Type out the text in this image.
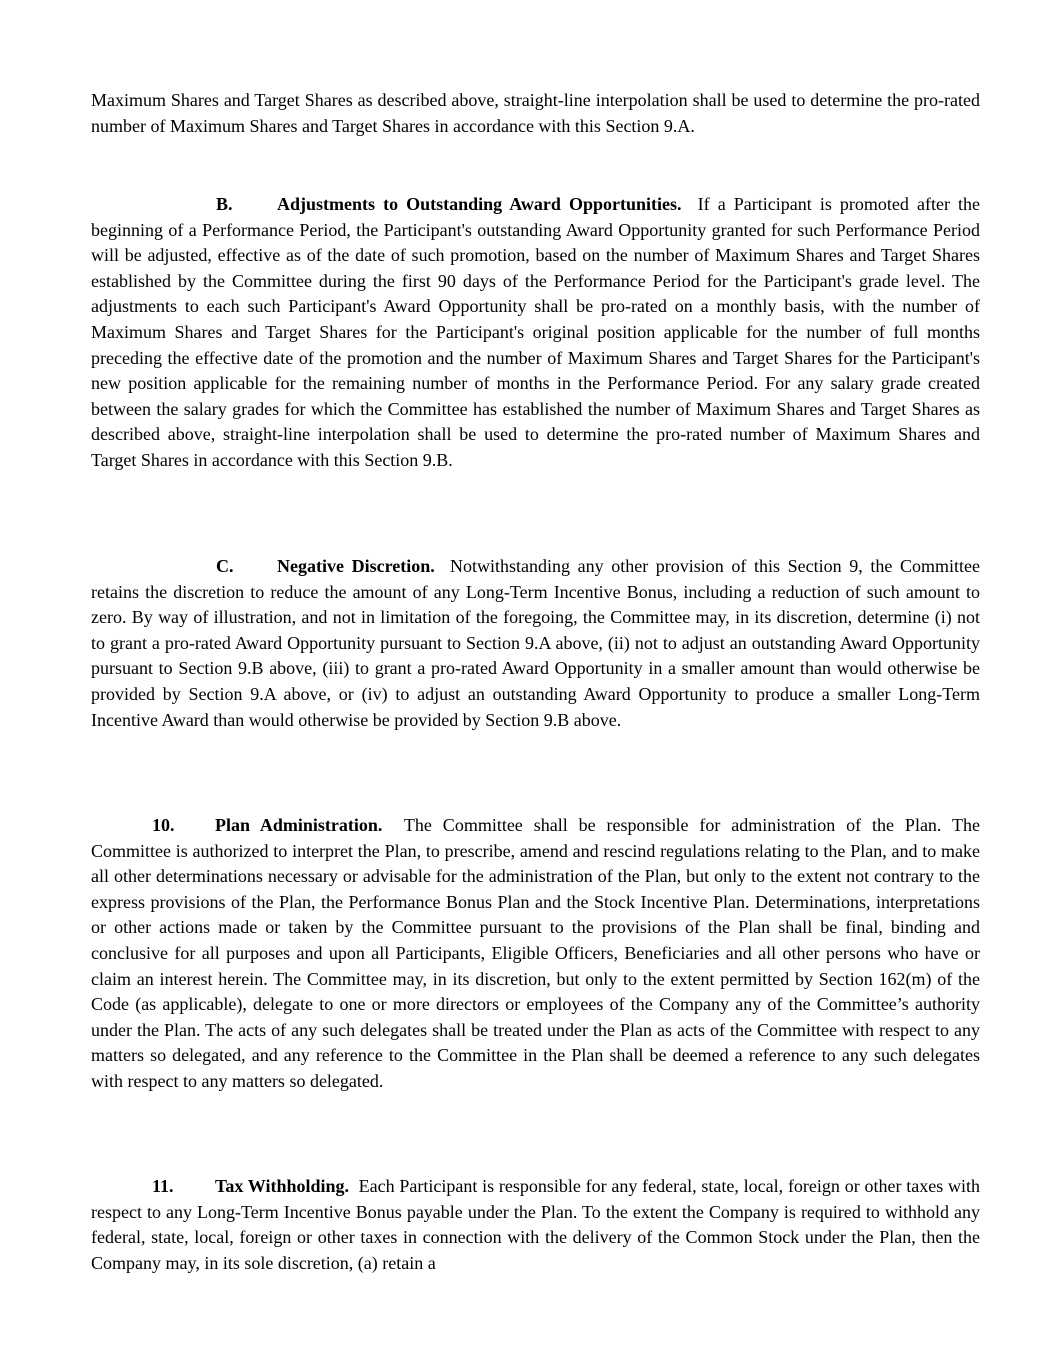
Maximum Shares and Target Shares as described above, straight-line interpolation shall be used to determine the pro-rated number of Maximum Shares and Target Shares in accordance with this Section 9.A.

B. Adjustments to Outstanding Award Opportunities. If a Participant is promoted after the beginning of a Performance Period, the Participant's outstanding Award Opportunity granted for such Performance Period will be adjusted, effective as of the date of such promotion, based on the number of Maximum Shares and Target Shares established by the Committee during the first 90 days of the Performance Period for the Participant's grade level. The adjustments to each such Participant's Award Opportunity shall be pro-rated on a monthly basis, with the number of Maximum Shares and Target Shares for the Participant's original position applicable for the number of full months preceding the effective date of the promotion and the number of Maximum Shares and Target Shares for the Participant's new position applicable for the remaining number of months in the Performance Period. For any salary grade created between the salary grades for which the Committee has established the number of Maximum Shares and Target Shares as described above, straight-line interpolation shall be used to determine the pro-rated number of Maximum Shares and Target Shares in accordance with this Section 9.B.

C. Negative Discretion. Notwithstanding any other provision of this Section 9, the Committee retains the discretion to reduce the amount of any Long-Term Incentive Bonus, including a reduction of such amount to zero. By way of illustration, and not in limitation of the foregoing, the Committee may, in its discretion, determine (i) not to grant a pro-rated Award Opportunity pursuant to Section 9.A above, (ii) not to adjust an outstanding Award Opportunity pursuant to Section 9.B above, (iii) to grant a pro-rated Award Opportunity in a smaller amount than would otherwise be provided by Section 9.A above, or (iv) to adjust an outstanding Award Opportunity to produce a smaller Long-Term Incentive Award than would otherwise be provided by Section 9.B above.

10. Plan Administration. The Committee shall be responsible for administration of the Plan. The Committee is authorized to interpret the Plan, to prescribe, amend and rescind regulations relating to the Plan, and to make all other determinations necessary or advisable for the administration of the Plan, but only to the extent not contrary to the express provisions of the Plan, the Performance Bonus Plan and the Stock Incentive Plan. Determinations, interpretations or other actions made or taken by the Committee pursuant to the provisions of the Plan shall be final, binding and conclusive for all purposes and upon all Participants, Eligible Officers, Beneficiaries and all other persons who have or claim an interest herein. The Committee may, in its discretion, but only to the extent permitted by Section 162(m) of the Code (as applicable), delegate to one or more directors or employees of the Company any of the Committee’s authority under the Plan. The acts of any such delegates shall be treated under the Plan as acts of the Committee with respect to any matters so delegated, and any reference to the Committee in the Plan shall be deemed a reference to any such delegates with respect to any matters so delegated.

11. Tax Withholding. Each Participant is responsible for any federal, state, local, foreign or other taxes with respect to any Long-Term Incentive Bonus payable under the Plan. To the extent the Company is required to withhold any federal, state, local, foreign or other taxes in connection with the delivery of the Common Stock under the Plan, then the Company may, in its sole discretion, (a) retain a
